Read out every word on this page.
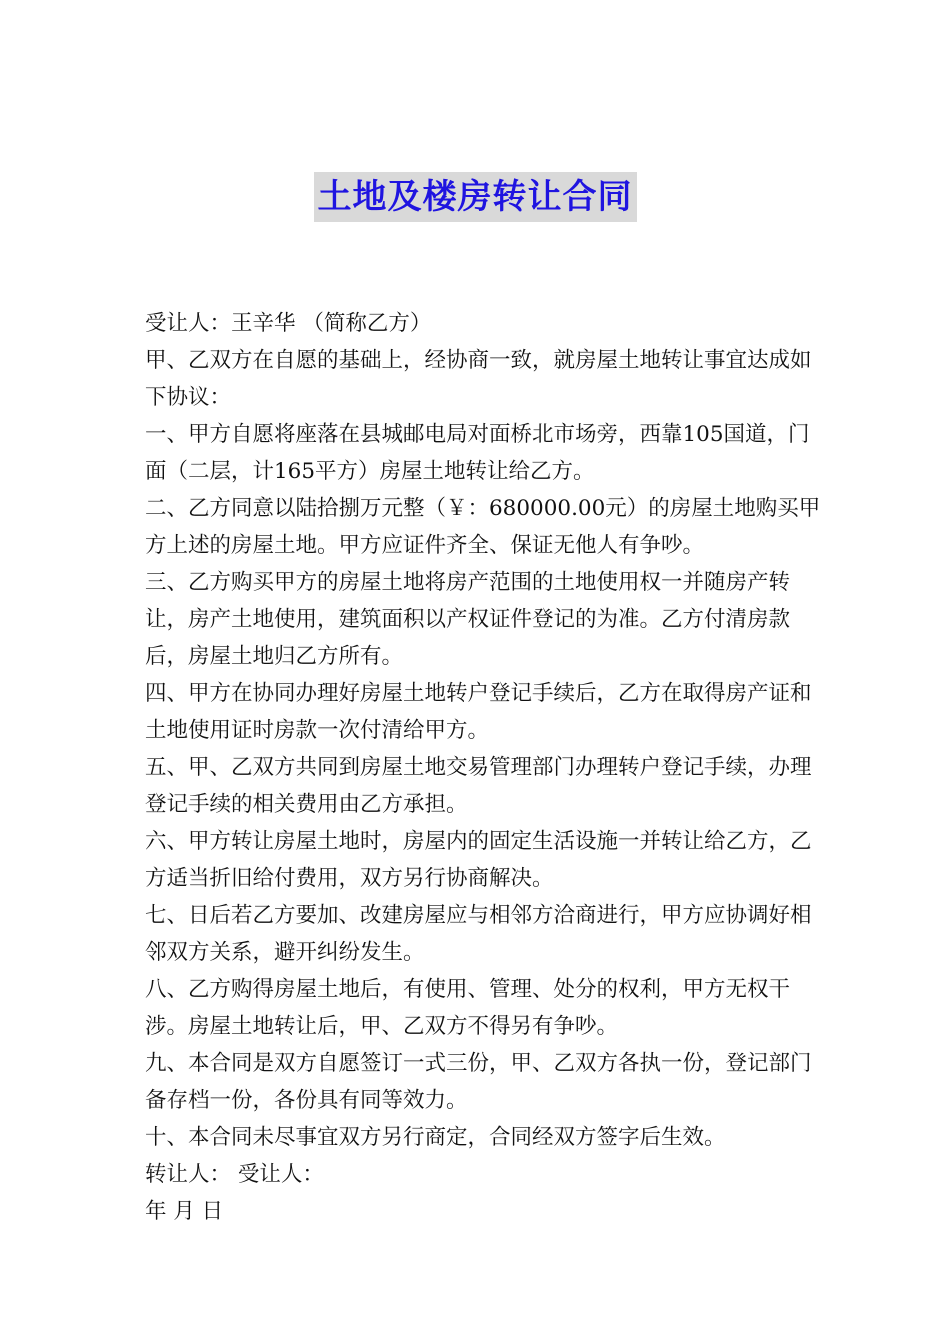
土地及楼房转让合同

受让人：王辛华 （简称乙方）

甲、乙双方在自愿的基础上，经协商一致，就房屋土地转让事宜达成如下协议：

一、甲方自愿将座落在县城邮电局对面桥北市场旁，西靠105国道，门面（二层，计165平方）房屋土地转让给乙方。

二、乙方同意以陆拾捌万元整（￥：680000.00元）的房屋土地购买甲方上述的房屋土地。甲方应证件齐全、保证无他人有争吵。

三、乙方购买甲方的房屋土地将房产范围的土地使用权一并随房产转让，房产土地使用，建筑面积以产权证件登记的为准。乙方付清房款后，房屋土地归乙方所有。

四、甲方在协同办理好房屋土地转户登记手续后，乙方在取得房产证和土地使用证时房款一次付清给甲方。

五、甲、乙双方共同到房屋土地交易管理部门办理转户登记手续，办理登记手续的相关费用由乙方承担。

六、甲方转让房屋土地时，房屋内的固定生活设施一并转让给乙方，乙方适当折旧给付费用，双方另行协商解决。

七、日后若乙方要加、改建房屋应与相邻方洽商进行，甲方应协调好相邻双方关系，避开纠纷发生。

八、乙方购得房屋土地后，有使用、管理、处分的权利，甲方无权干涉。房屋土地转让后，甲、乙双方不得另有争吵。

九、本合同是双方自愿签订一式三份，甲、乙双方各执一份，登记部门备存档一份，各份具有同等效力。

十、本合同未尽事宜双方另行商定，合同经双方签字后生效。

转让人： 受让人：

年 月 日
